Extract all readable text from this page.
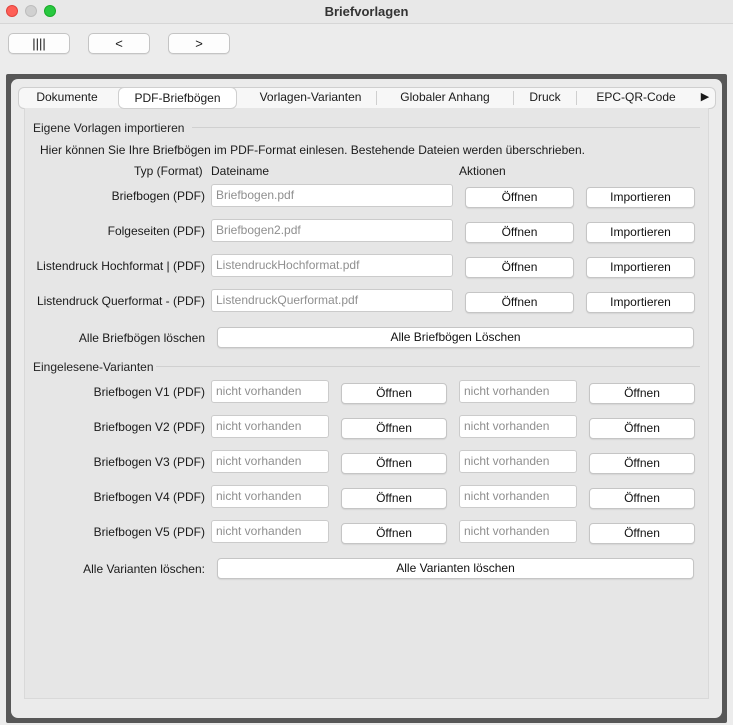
Briefvorlagen
||||	<	>
Dokumente	PDF-Briefbögen	Vorlagen-Varianten	Globaler Anhang	Druck	EPC-QR-Code	▶
Eigene Vorlagen importieren
Hier können Sie Ihre Briefbögen im PDF-Format einlesen. Bestehende Dateien werden überschrieben.
Typ (Format) Dateiname	Aktionen
Briefbogen (PDF) Briefbogen.pdf	Öffnen	Importieren
Folgeseiten (PDF) Briefbogen2.pdf	Öffnen	Importieren
Listendruck Hochformat | (PDF) ListendruckHochformat.pdf	Öffnen	Importieren
Listendruck Querformat - (PDF) ListendruckQuerformat.pdf	Öffnen	Importieren
Alle Briefbögen löschen	Alle Briefbögen Löschen
Eingelesene-Varianten
Briefbogen V1 (PDF) nicht vorhanden	Öffnen	nicht vorhanden	Öffnen
Briefbogen V2 (PDF) nicht vorhanden	Öffnen	nicht vorhanden	Öffnen
Briefbogen V3 (PDF) nicht vorhanden	Öffnen	nicht vorhanden	Öffnen
Briefbogen V4 (PDF) nicht vorhanden	Öffnen	nicht vorhanden	Öffnen
Briefbogen V5 (PDF) nicht vorhanden	Öffnen	nicht vorhanden	Öffnen
Alle Varianten löschen:	Alle Varianten löschen
